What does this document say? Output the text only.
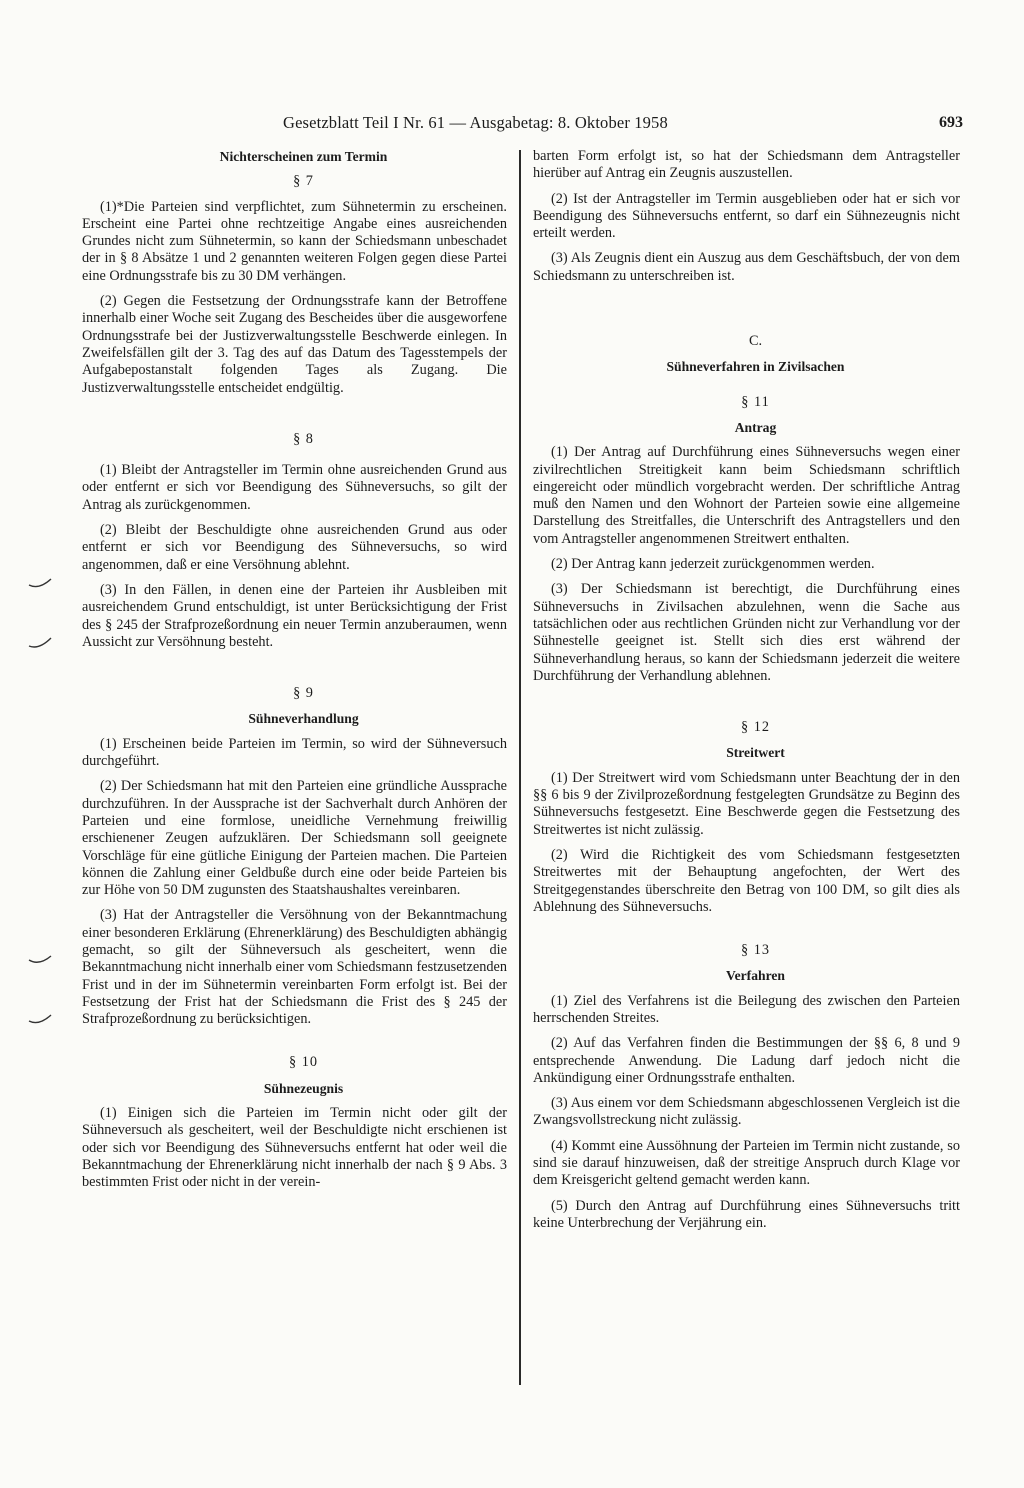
Gesetzblatt Teil I Nr. 61 — Ausgabetag: 8. Oktober 1958	693

Nichterscheinen zum Termin

§ 7

(1)*Die Parteien sind verpflichtet, zum Sühnetermin zu erscheinen. Erscheint eine Partei ohne rechtzeitige Angabe eines ausreichenden Grundes nicht zum Sühnetermin, so kann der Schiedsmann unbeschadet der in § 8 Absätze 1 und 2 genannten weiteren Folgen gegen diese Partei eine Ordnungsstrafe bis zu 30 DM verhängen.

(2) Gegen die Festsetzung der Ordnungsstrafe kann der Betroffene innerhalb einer Woche seit Zugang des Bescheides über die ausgeworfene Ordnungsstrafe bei der Justizverwaltungsstelle Beschwerde einlegen. In Zweifelsfällen gilt der 3. Tag des auf das Datum des Tagesstempels der Aufgabepostanstalt folgenden Tages als Zugang. Die Justizverwaltungsstelle entscheidet endgültig.

§ 8

(1) Bleibt der Antragsteller im Termin ohne ausreichenden Grund aus oder entfernt er sich vor Beendigung des Sühneversuchs, so gilt der Antrag als zurückgenommen.

(2) Bleibt der Beschuldigte ohne ausreichenden Grund aus oder entfernt er sich vor Beendigung des Sühneversuchs, so wird angenommen, daß er eine Versöhnung ablehnt.

(3) In den Fällen, in denen eine der Parteien ihr Ausbleiben mit ausreichendem Grund entschuldigt, ist unter Berücksichtigung der Frist des § 245 der Strafprozeßordnung ein neuer Termin anzuberaumen, wenn Aussicht zur Versöhnung besteht.

§ 9

Sühneverhandlung

(1) Erscheinen beide Parteien im Termin, so wird der Sühneversuch durchgeführt.

(2) Der Schiedsmann hat mit den Parteien eine gründliche Aussprache durchzuführen. In der Aussprache ist der Sachverhalt durch Anhören der Parteien und eine formlose, uneidliche Vernehmung freiwillig erschienener Zeugen aufzuklären. Der Schiedsmann soll geeignete Vorschläge für eine gütliche Einigung der Parteien machen. Die Parteien können die Zahlung einer Geldbuße durch eine oder beide Parteien bis zur Höhe von 50 DM zugunsten des Staatshaushaltes vereinbaren.

(3) Hat der Antragsteller die Versöhnung von der Bekanntmachung einer besonderen Erklärung (Ehrenerklärung) des Beschuldigten abhängig gemacht, so gilt der Sühneversuch als gescheitert, wenn die Bekanntmachung nicht innerhalb einer vom Schiedsmann festzusetzenden Frist und in der im Sühnetermin vereinbarten Form erfolgt ist. Bei der Festsetzung der Frist hat der Schiedsmann die Frist des § 245 der Strafprozeßordnung zu berücksichtigen.

§ 10

Sühnezeugnis

(1) Einigen sich die Parteien im Termin nicht oder gilt der Sühneversuch als gescheitert, weil der Beschuldigte nicht erschienen ist oder sich vor Beendigung des Sühneversuchs entfernt hat oder weil die Bekanntmachung der Ehrenerklärung nicht innerhalb der nach § 9 Abs. 3 bestimmten Frist oder nicht in der verein-

barten Form erfolgt ist, so hat der Schiedsmann dem Antragsteller hierüber auf Antrag ein Zeugnis auszustellen.

(2) Ist der Antragsteller im Termin ausgeblieben oder hat er sich vor Beendigung des Sühneversuchs entfernt, so darf ein Sühnezeugnis nicht erteilt werden.

(3) Als Zeugnis dient ein Auszug aus dem Geschäftsbuch, der von dem Schiedsmann zu unterschreiben ist.

C.

Sühneverfahren in Zivilsachen

§ 11

Antrag

(1) Der Antrag auf Durchführung eines Sühneversuchs wegen einer zivilrechtlichen Streitigkeit kann beim Schiedsmann schriftlich eingereicht oder mündlich vorgebracht werden. Der schriftliche Antrag muß den Namen und den Wohnort der Parteien sowie eine allgemeine Darstellung des Streitfalles, die Unterschrift des Antragstellers und den vom Antragsteller angenommenen Streitwert enthalten.

(2) Der Antrag kann jederzeit zurückgenommen werden.

(3) Der Schiedsmann ist berechtigt, die Durchführung eines Sühneversuchs in Zivilsachen abzulehnen, wenn die Sache aus tatsächlichen oder aus rechtlichen Gründen nicht zur Verhandlung vor der Sühnestelle geeignet ist. Stellt sich dies erst während der Sühneverhandlung heraus, so kann der Schiedsmann jederzeit die weitere Durchführung der Verhandlung ablehnen.

§ 12

Streitwert

(1) Der Streitwert wird vom Schiedsmann unter Beachtung der in den §§ 6 bis 9 der Zivilprozeßordnung festgelegten Grundsätze zu Beginn des Sühneversuchs festgesetzt. Eine Beschwerde gegen die Festsetzung des Streitwertes ist nicht zulässig.

(2) Wird die Richtigkeit des vom Schiedsmann festgesetzten Streitwertes mit der Behauptung angefochten, der Wert des Streitgegenstandes überschreite den Betrag von 100 DM, so gilt dies als Ablehnung des Sühneversuchs.

§ 13

Verfahren

(1) Ziel des Verfahrens ist die Beilegung des zwischen den Parteien herrschenden Streites.

(2) Auf das Verfahren finden die Bestimmungen der §§ 6, 8 und 9 entsprechende Anwendung. Die Ladung darf jedoch nicht die Ankündigung einer Ordnungsstrafe enthalten.

(3) Aus einem vor dem Schiedsmann abgeschlossenen Vergleich ist die Zwangsvollstreckung nicht zulässig.

(4) Kommt eine Aussöhnung der Parteien im Termin nicht zustande, so sind sie darauf hinzuweisen, daß der streitige Anspruch durch Klage vor dem Kreisgericht geltend gemacht werden kann.

(5) Durch den Antrag auf Durchführung eines Sühneversuchs tritt keine Unterbrechung der Verjährung ein.
